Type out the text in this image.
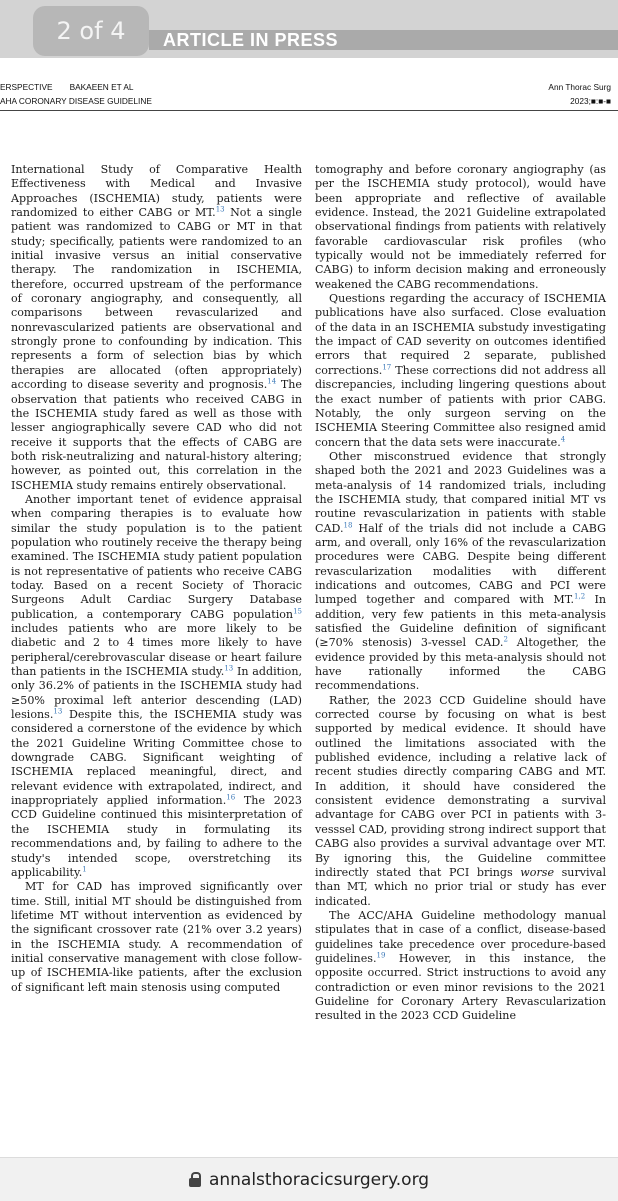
2 of 4	ARTICLE IN PRESS
ERSPECTIVE BAKAEEN ET AL
AHA CORONARY DISEASE GUIDELINE
Ann Thorac Surg
2023;■:■-■

International Study of Comparative Health Effectiveness with Medical and Invasive Approaches (ISCHEMIA) study, patients were randomized to either CABG or MT.$^{13}$ Not a single patient was randomized to CABG or MT in that study; specifically, patients were randomized to an initial invasive versus an initial conservative therapy. The randomization in ISCHEMIA, therefore, occurred upstream of the performance of coronary angiography, and consequently, all comparisons between revascularized and nonrevascularized patients are observational and strongly prone to confounding by indication. This represents a form of selection bias by which therapies are allocated (often appropriately) according to disease severity and prognosis.$^{14}$ The observation that patients who received CABG in the ISCHEMIA study fared as well as those with lesser angiographically severe CAD who did not receive it supports that the effects of CABG are both risk-neutralizing and natural-history altering; however, as pointed out, this correlation in the ISCHEMIA study remains entirely observational.

Another important tenet of evidence appraisal when comparing therapies is to evaluate how similar the study population is to the patient population who routinely receive the therapy being examined. The ISCHEMIA study patient population is not representative of patients who receive CABG today. Based on a recent Society of Thoracic Surgeons Adult Cardiac Surgery Database publication, a contemporary CABG population$^{15}$ includes patients who are more likely to be diabetic and 2 to 4 times more likely to have peripheral/cerebrovascular disease or heart failure than patients in the ISCHEMIA study.$^{13}$ In addition, only 36.2% of patients in the ISCHEMIA study had ≥50% proximal left anterior descending (LAD) lesions.$^{13}$ Despite this, the ISCHEMIA study was considered a cornerstone of the evidence by which the 2021 Guideline Writing Committee chose to downgrade CABG. Significant weighting of ISCHEMIA replaced meaningful, direct, and relevant evidence with extrapolated, indirect, and inappropriately applied information.$^{16}$ The 2023 CCD Guideline continued this misinterpretation of the ISCHEMIA study in formulating its recommendations and, by failing to adhere to the study's intended scope, overstretching its applicability.$^1$

MT for CAD has improved significantly over time. Still, initial MT should be distinguished from lifetime MT without intervention as evidenced by the significant crossover rate (21% over 3.2 years) in the ISCHEMIA study. A recommendation of initial conservative management with close follow-up of ISCHEMIA-like patients, after the exclusion of significant left main stenosis using computed

tomography and before coronary angiography (as per the ISCHEMIA study protocol), would have been appropriate and reflective of available evidence. Instead, the 2021 Guideline extrapolated observational findings from patients with relatively favorable cardiovascular risk profiles (who typically would not be immediately referred for CABG) to inform decision making and erroneously weakened the CABG recommendations.

Questions regarding the accuracy of ISCHEMIA publications have also surfaced. Close evaluation of the data in an ISCHEMIA substudy investigating the impact of CAD severity on outcomes identified errors that required 2 separate, published corrections.$^{17}$ These corrections did not address all discrepancies, including lingering questions about the exact number of patients with prior CABG. Notably, the only surgeon serving on the ISCHEMIA Steering Committee also resigned amid concern that the data sets were inaccurate.$^4$

Other misconstrued evidence that strongly shaped both the 2021 and 2023 Guidelines was a meta-analysis of 14 randomized trials, including the ISCHEMIA study, that compared initial MT vs routine revascularization in patients with stable CAD.$^{18}$ Half of the trials did not include a CABG arm, and overall, only 16% of the revascularization procedures were CABG. Despite being different revascularization modalities with different indications and outcomes, CABG and PCI were lumped together and compared with MT.$^{1,2}$ In addition, very few patients in this meta-analysis satisfied the Guideline definition of significant (≥70% stenosis) 3-vessel CAD.$^2$ Altogether, the evidence provided by this meta-analysis should not have rationally informed the CABG recommendations.

Rather, the 2023 CCD Guideline should have corrected course by focusing on what is best supported by medical evidence. It should have outlined the limitations associated with the published evidence, including a relative lack of recent studies directly comparing CABG and MT. In addition, it should have considered the consistent evidence demonstrating a survival advantage for CABG over PCI in patients with 3-vesssel CAD, providing strong indirect support that CABG also provides a survival advantage over MT. By ignoring this, the Guideline committee indirectly stated that PCI brings worse survival than MT, which no prior trial or study has ever indicated.

The ACC/AHA Guideline methodology manual stipulates that in case of a conflict, disease-based guidelines take precedence over procedure-based guidelines.$^{19}$ However, in this instance, the opposite occurred. Strict instructions to avoid any contradiction or even minor revisions to the 2021 Guideline for Coronary Artery Revascularization resulted in the 2023 CCD Guideline

annalsthoracicsurgery.org
